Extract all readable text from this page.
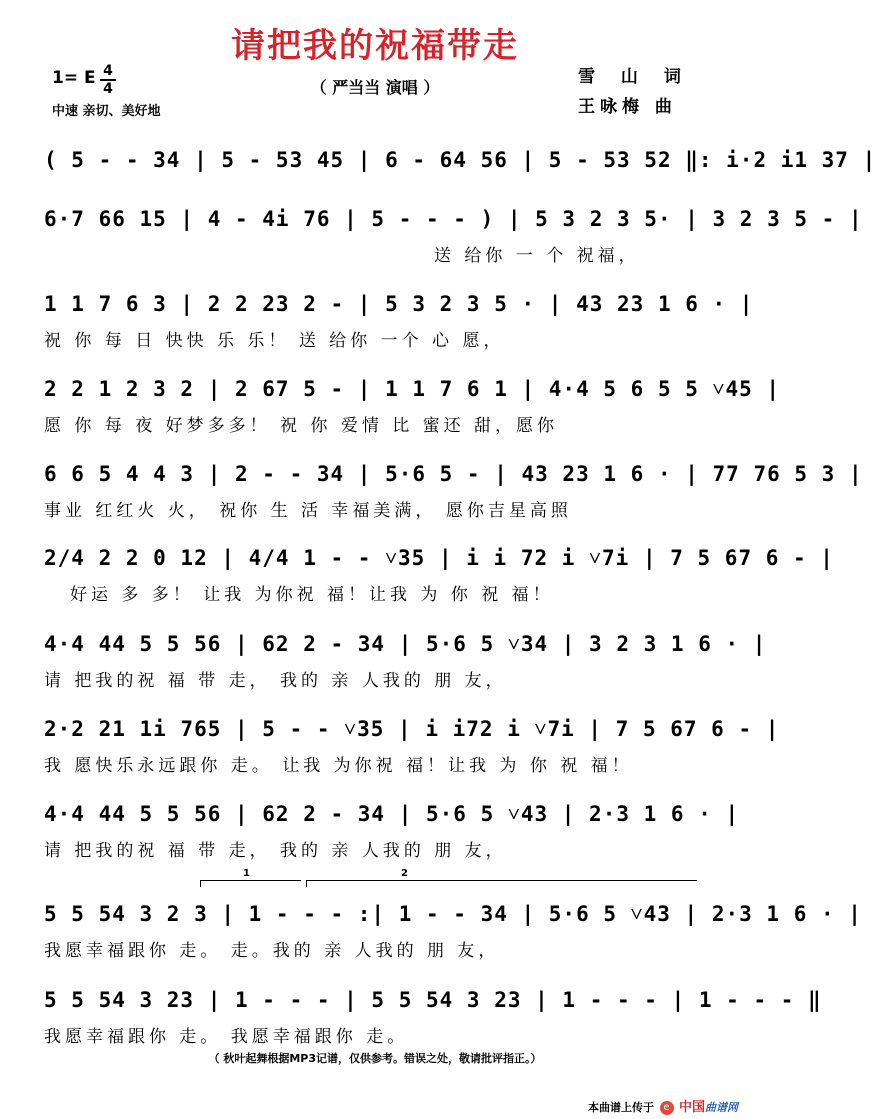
请把我的祝福带走
（ 严当当 演唱 ）
雪 山 词
王咏梅 曲
1= E 4
4
中速 亲切、美好地
( 5 - - 34 | 5 - 53 45 | 6 - 64 56 | 5 - 53 52 ‖: i·2 i1 37 |
6·7 66 15 | 4 - 4i 76 | 5 - - - ) | 5 3 2 3 5· | 3 2 3 5 - |
送 给你 一 个 祝福，
1 1 7 6 3 | 2 2 23 2 - | 5 3 2 3 5 · | 43 23 1 6 · |
祝 你 每 日 快快 乐 乐！ 送 给你 一个 心 愿，
2 2 1 2 3 2 | 2 67 5 - | 1 1 7 6 1 | 4·4 5 6 5 5 ˅45 |
愿 你 每 夜 好梦多多！ 祝 你 爱情 比 蜜还 甜，愿你
6 6 5 4 4 3 | 2 - - 34 | 5·6 5 - | 43 23 1 6 · | 77 76 5 3 |
事业 红红火 火， 祝你 生 活 幸福美满， 愿你吉星高照
2/4 2 2 0 12 | 4/4 1 - - ˅35 | i i 72 i ˅7i | 7 5 67 6 - |
好运 多 多！ 让我 为你祝 福！让我 为 你 祝 福！
4·4 44 5 5 56 | 62 2 - 34 | 5·6 5 ˅34 | 3 2 3 1 6 · |
请 把我的祝 福 带 走， 我的 亲 人我的 朋 友，
2·2 21 1i 765 | 5 - - ˅35 | i i72 i ˅7i | 7 5 67 6 - |
我 愿快乐永远跟你 走。 让我 为你祝 福！让我 为 你 祝 福！
4·4 44 5 5 56 | 62 2 - 34 | 5·6 5 ˅43 | 2·3 1 6 · |
请 把我的祝 福 带 走， 我的 亲 人我的 朋 友，
1	2
5 5 54 3 2 3 | 1 - - - :| 1 - - 34 | 5·6 5 ˅43 | 2·3 1 6 · |
我愿幸福跟你 走。 走。我的 亲 人我的 朋 友，
5 5 54 3 23 | 1 - - - | 5 5 54 3 23 | 1 - - - | 1 - - - ‖
我愿幸福跟你 走。 我愿幸福跟你 走。
（ 秋叶起舞根据MP3记谱，仅供参考。错误之处，敬请批评指正。）
本曲谱上传于 e 中国曲谱网
